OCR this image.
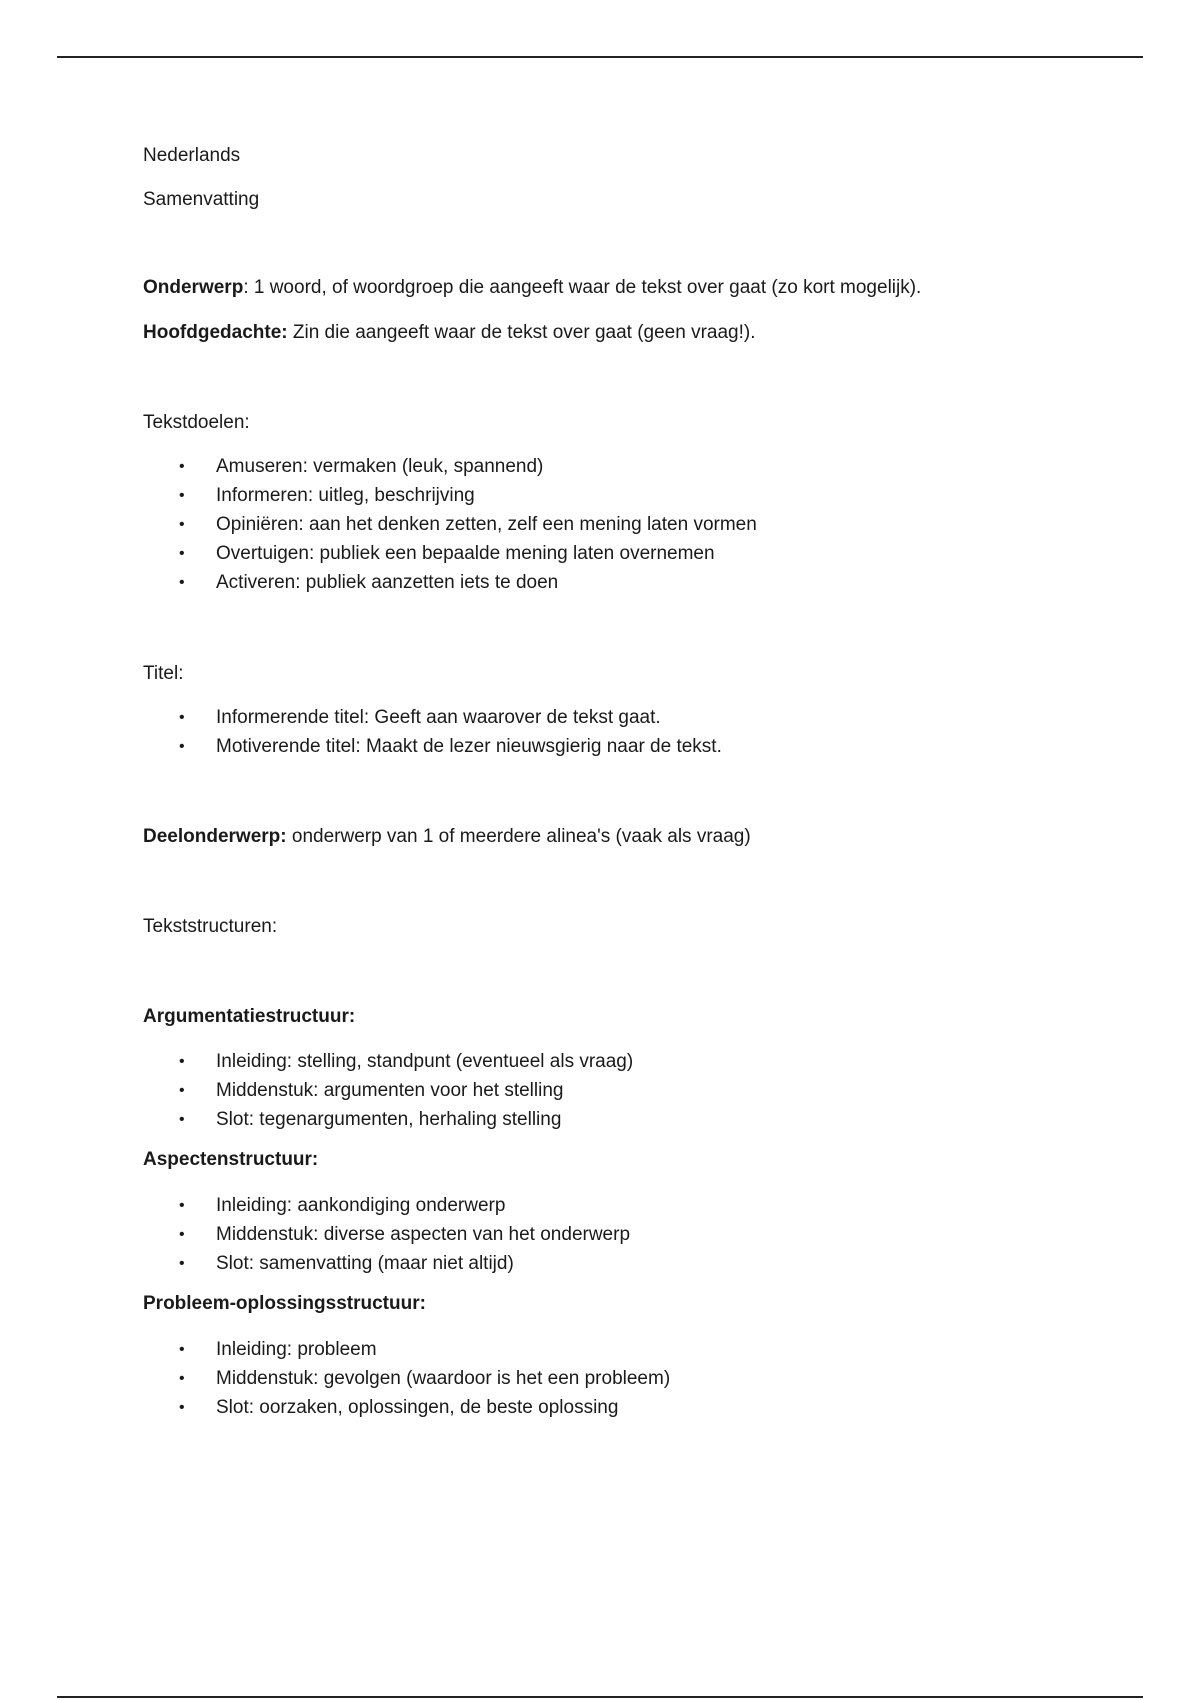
Nederlands

Samenvatting

Onderwerp: 1 woord, of woordgroep die aangeeft waar de tekst over gaat (zo kort mogelijk).

Hoofdgedachte: Zin die aangeeft waar de tekst over gaat (geen vraag!).

Tekstdoelen:

• Amuseren: vermaken (leuk, spannend)
• Informeren: uitleg, beschrijving
• Opiniëren: aan het denken zetten, zelf een mening laten vormen
• Overtuigen: publiek een bepaalde mening laten overnemen
• Activeren: publiek aanzetten iets te doen

Titel:

• Informerende titel: Geeft aan waarover de tekst gaat.
• Motiverende titel: Maakt de lezer nieuwsgierig naar de tekst.

Deelonderwerp: onderwerp van 1 of meerdere alinea's (vaak als vraag)

Tekststructuren:

Argumentatiestructuur:

• Inleiding: stelling, standpunt (eventueel als vraag)
• Middenstuk: argumenten voor het stelling
• Slot: tegenargumenten, herhaling stelling

Aspectenstructuur:

• Inleiding: aankondiging onderwerp
• Middenstuk: diverse aspecten van het onderwerp
• Slot: samenvatting (maar niet altijd)

Probleem-oplossingsstructuur:

• Inleiding: probleem
• Middenstuk: gevolgen (waardoor is het een probleem)
• Slot: oorzaken, oplossingen, de beste oplossing
